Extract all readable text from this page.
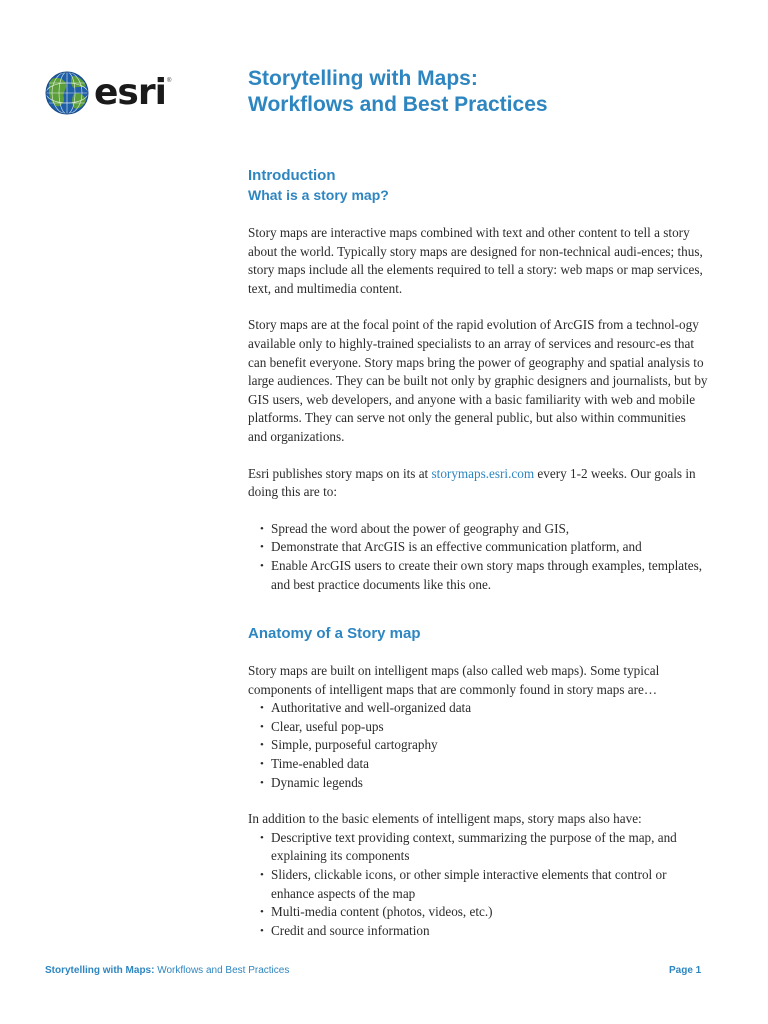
esri ®	Storytelling with Maps:
Workflows and Best Practices
Introduction
What is a story map?

Story maps are interactive maps combined with text and other content to tell a story about the world. Typically story maps are designed for non-technical audi-ences; thus, story maps include all the elements required to tell a story: web maps or map services, text, and multimedia content.

Story maps are at the focal point of the rapid evolution of ArcGIS from a technol-ogy available only to highly-trained specialists to an array of services and resourc-es that can benefit everyone. Story maps bring the power of geography and spatial analysis to large audiences. They can be built not only by graphic designers and journalists, but by GIS users, web developers, and anyone with a basic familiarity with web and mobile platforms. They can serve not only the general public, but also within communities and organizations.

Esri publishes story maps on its at storymaps.esri.com every 1-2 weeks. Our goals in doing this are to:

• Spread the word about the power of geography and GIS,
• Demonstrate that ArcGIS is an effective communication platform, and
• Enable ArcGIS users to create their own story maps through examples, templates, and best practice documents like this one.
Anatomy of a Story map

Story maps are built on intelligent maps (also called web maps). Some typical components of intelligent maps that are commonly found in story maps are…

• Authoritative and well-organized data
• Clear, useful pop-ups
• Simple, purposeful cartography
• Time-enabled data
• Dynamic legends

In addition to the basic elements of intelligent maps, story maps also have:

• Descriptive text providing context, summarizing the purpose of the map, and explaining its components
• Sliders, clickable icons, or other simple interactive elements that control or enhance aspects of the map
• Multi-media content (photos, videos, etc.)
• Credit and source information
Storytelling with Maps: Workflows and Best Practices	Page 1
